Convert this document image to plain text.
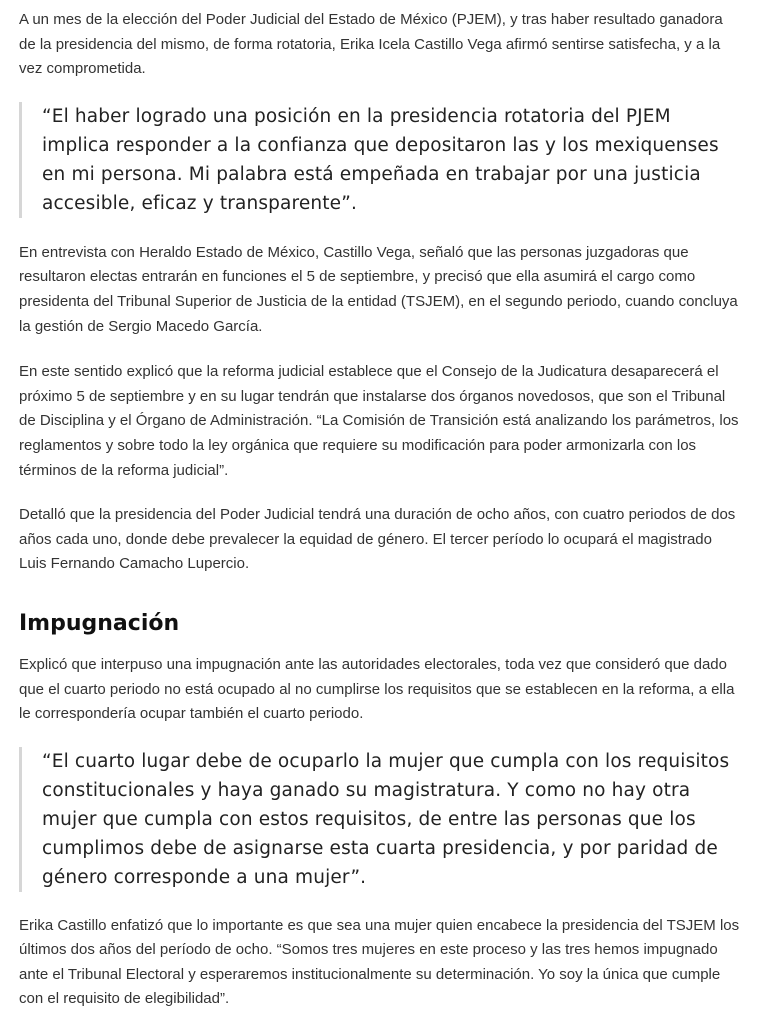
A un mes de la elección del Poder Judicial del Estado de México (PJEM), y tras haber resultado ganadora de la presidencia del mismo, de forma rotatoria, Erika Icela Castillo Vega afirmó sentirse satisfecha, y a la vez comprometida.

“El haber logrado una posición en la presidencia rotatoria del PJEM implica responder a la confianza que depositaron las y los mexiquenses en mi persona. Mi palabra está empeñada en trabajar por una justicia accesible, eficaz y transparente”.

En entrevista con Heraldo Estado de México, Castillo Vega, señaló que las personas juzgadoras que resultaron electas entrarán en funciones el 5 de septiembre, y precisó que ella asumirá el cargo como presidenta del Tribunal Superior de Justicia de la entidad (TSJEM), en el segundo periodo, cuando concluya la gestión de Sergio Macedo García.

En este sentido explicó que la reforma judicial establece que el Consejo de la Judicatura desaparecerá el próximo 5 de septiembre y en su lugar tendrán que instalarse dos órganos novedosos, que son el Tribunal de Disciplina y el Órgano de Administración. “La Comisión de Transición está analizando los parámetros, los reglamentos y sobre todo la ley orgánica que requiere su modificación para poder armonizarla con los términos de la reforma judicial”.

Detalló que la presidencia del Poder Judicial tendrá una duración de ocho años, con cuatro periodos de dos años cada uno, donde debe prevalecer la equidad de género. El tercer período lo ocupará el magistrado Luis Fernando Camacho Lupercio.

Impugnación

Explicó que interpuso una impugnación ante las autoridades electorales, toda vez que consideró que dado que el cuarto periodo no está ocupado al no cumplirse los requisitos que se establecen en la reforma, a ella le correspondería ocupar también el cuarto periodo.

“El cuarto lugar debe de ocuparlo la mujer que cumpla con los requisitos constitucionales y haya ganado su magistratura. Y como no hay otra mujer que cumpla con estos requisitos, de entre las personas que los cumplimos debe de asignarse esta cuarta presidencia, y por paridad de género corresponde a una mujer”.

Erika Castillo enfatizó que lo importante es que sea una mujer quien encabece la presidencia del TSJEM los últimos dos años del período de ocho. “Somos tres mujeres en este proceso y las tres hemos impugnado ante el Tribunal Electoral y esperaremos institucionalmente su determinación. Yo soy la única que cumple con el requisito de elegibilidad”.
